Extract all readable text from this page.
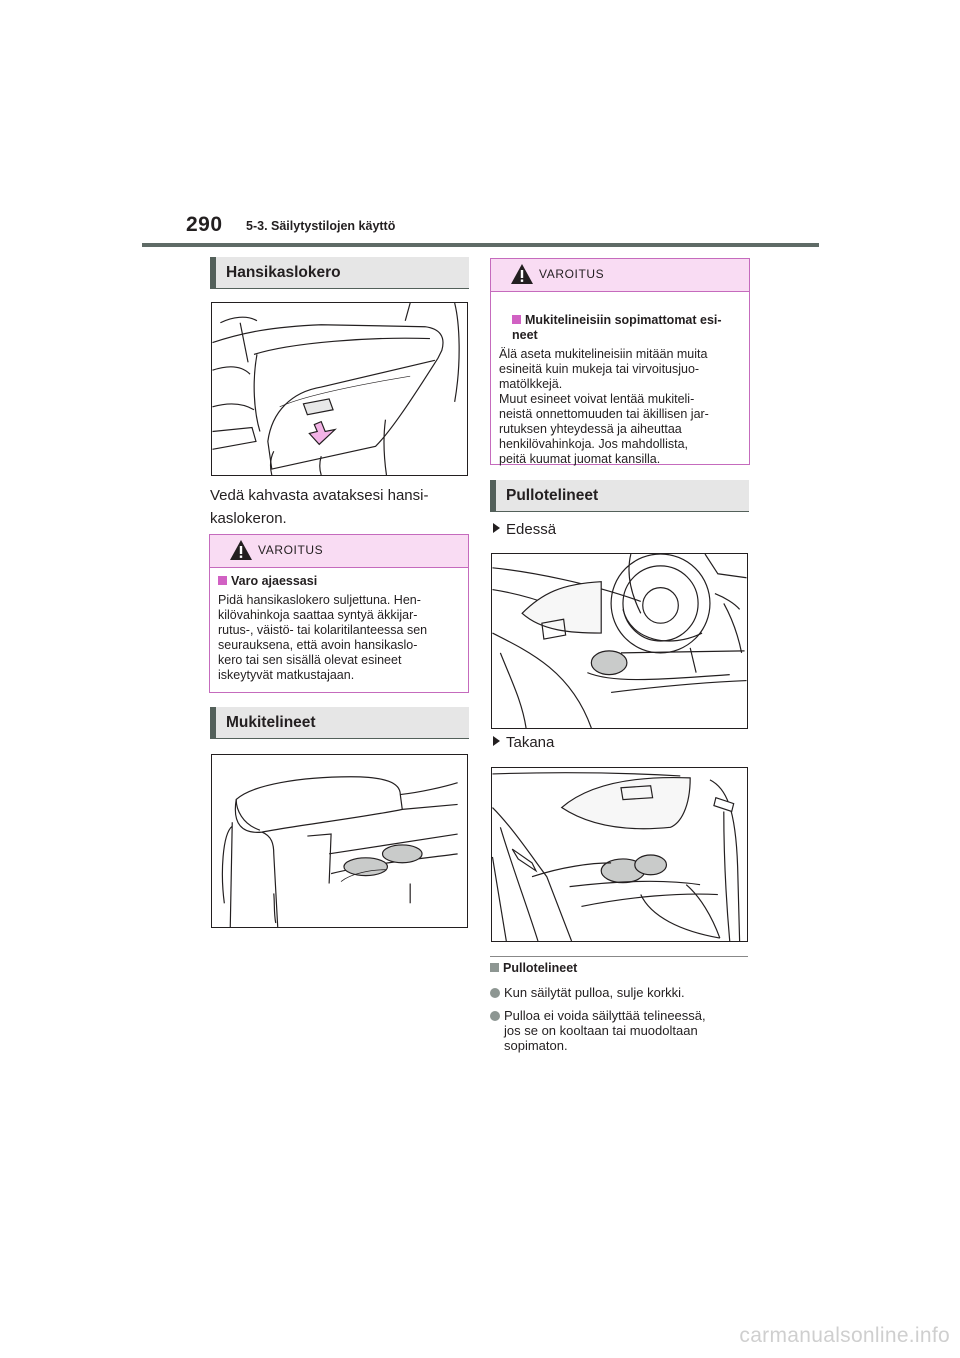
290 5-3. Säilytystilojen käyttö
Hansikaslokero
Vedä kahvasta avataksesi hansi-
kaslokeron.
VAROITUS
Varo ajaessasi
Pidä hansikaslokero suljettuna. Hen-
kilövahinkoja saattaa syntyä äkkijar-
rutus-, väistö- tai kolaritilanteessa sen
seurauksena, että avoin hansikaslo-
kero tai sen sisällä olevat esineet
iskeytyvät matkustajaan.
Mukitelineet
VAROITUS

Mukitelineisiin sopimattomat esi-
neet

Älä aseta mukitelineisiin mitään muita
esineitä kuin mukeja tai virvoitusjuo-
matölkkejä.
Muut esineet voivat lentää mukiteli-
neistä onnettomuuden tai äkillisen jar-
rutuksen yhteydessä ja aiheuttaa
henkilövahinkoja. Jos mahdollista,
peitä kuumat juomat kansilla.
Pullotelineet
Edessä
Takana
Pullotelineet
Kun säilytät pulloa, sulje korkki.
Pulloa ei voida säilyttää telineessä,
jos se on kooltaan tai muodoltaan
sopimaton.
carmanualsonline.info
